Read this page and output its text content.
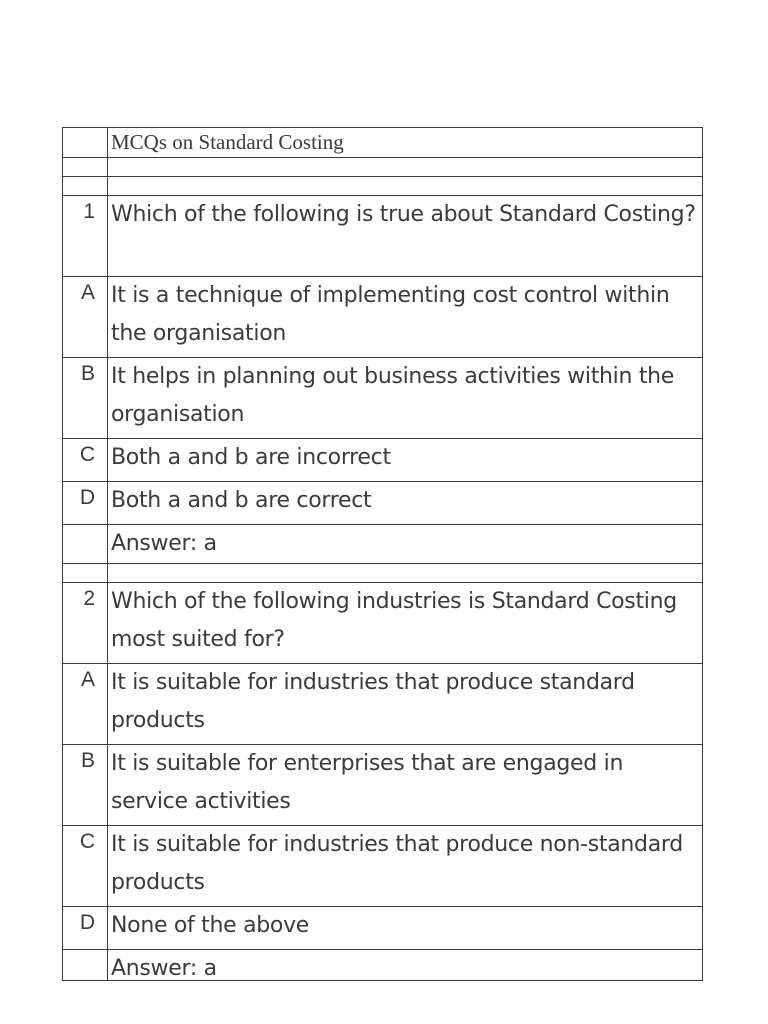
	MCQs on Standard Costing

1	Which of the following is true about Standard Costing?
A	It is a technique of implementing cost control within the organisation
B	It helps in planning out business activities within the organisation
C	Both a and b are incorrect
D	Both a and b are correct
	Answer: a

2	Which of the following industries is Standard Costing most suited for?
A	It is suitable for industries that produce standard products
B	It is suitable for enterprises that are engaged in service activities
C	It is suitable for industries that produce non-standard products
D	None of the above

	Answer: a
